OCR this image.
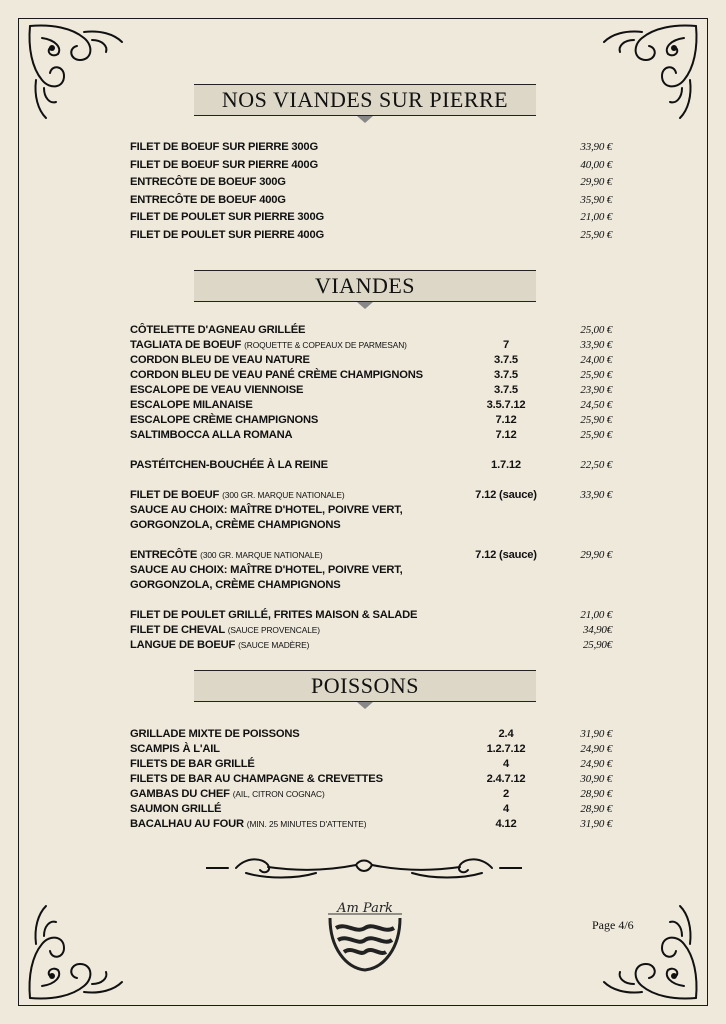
NOS VIANDES SUR PIERRE
FILET DE BOEUF SUR PIERRE 300G	33,90 €
FILET DE BOEUF SUR PIERRE 400G	40,00 €
ENTRECÔTE DE BOEUF 300G	29,90 €
ENTRECÔTE DE BOEUF 400G	35,90 €
FILET DE POULET SUR PIERRE 300G	21,00 €
FILET DE POULET SUR PIERRE 400G	25,90 €
VIANDES
CÔTELETTE D'AGNEAU GRILLÉE	25,00 €
TAGLIATA DE BOEUF (ROQUETTE & COPEAUX DE PARMESAN)	7	33,90 €
CORDON BLEU DE VEAU NATURE	3.7.5	24,00 €
CORDON BLEU DE VEAU PANÉ CRÈME CHAMPIGNONS	3.7.5	25,90 €
ESCALOPE DE VEAU VIENNOISE	3.7.5	23,90 €
ESCALOPE MILANAISE	3.5.7.12	24,50 €
ESCALOPE CRÈME CHAMPIGNONS	7.12	25,90 €
SALTIMBOCCA ALLA ROMANA	7.12	25,90 €
PASTÉITCHEN-BOUCHÉE À LA REINE	1.7.12	22,50 €
FILET DE BOEUF (300 GR. MARQUE NATIONALE)	7.12 (sauce)	33,90 €
SAUCE AU CHOIX: MAÎTRE D'HOTEL, POIVRE VERT,
GORGONZOLA, CRÈME CHAMPIGNONS
ENTRECÔTE (300 GR. MARQUE NATIONALE)	7.12 (sauce)	29,90 €
SAUCE AU CHOIX: MAÎTRE D'HOTEL, POIVRE VERT,
GORGONZOLA, CRÈME CHAMPIGNONS
FILET DE POULET GRILLÉ, FRITES MAISON & SALADE	21,00 €
FILET DE CHEVAL (SAUCE PROVENCALE)	34,90€
LANGUE DE BOEUF (SAUCE MADÈRE)	25,90€
POISSONS
GRILLADE MIXTE DE POISSONS	2.4	31,90 €
SCAMPIS À L'AIL	1.2.7.12	24,90 €
FILETS DE BAR GRILLÉ	4	24,90 €
FILETS DE BAR AU CHAMPAGNE & CREVETTES	2.4.7.12	30,90 €
GAMBAS DU CHEF (AIL, CITRON COGNAC)	2	28,90 €
SAUMON GRILLÉ	4	28,90 €
BACALHAU AU FOUR (MIN. 25 MINUTES D'ATTENTE)	4.12	31,90 €
Am Park
Page 4/6
